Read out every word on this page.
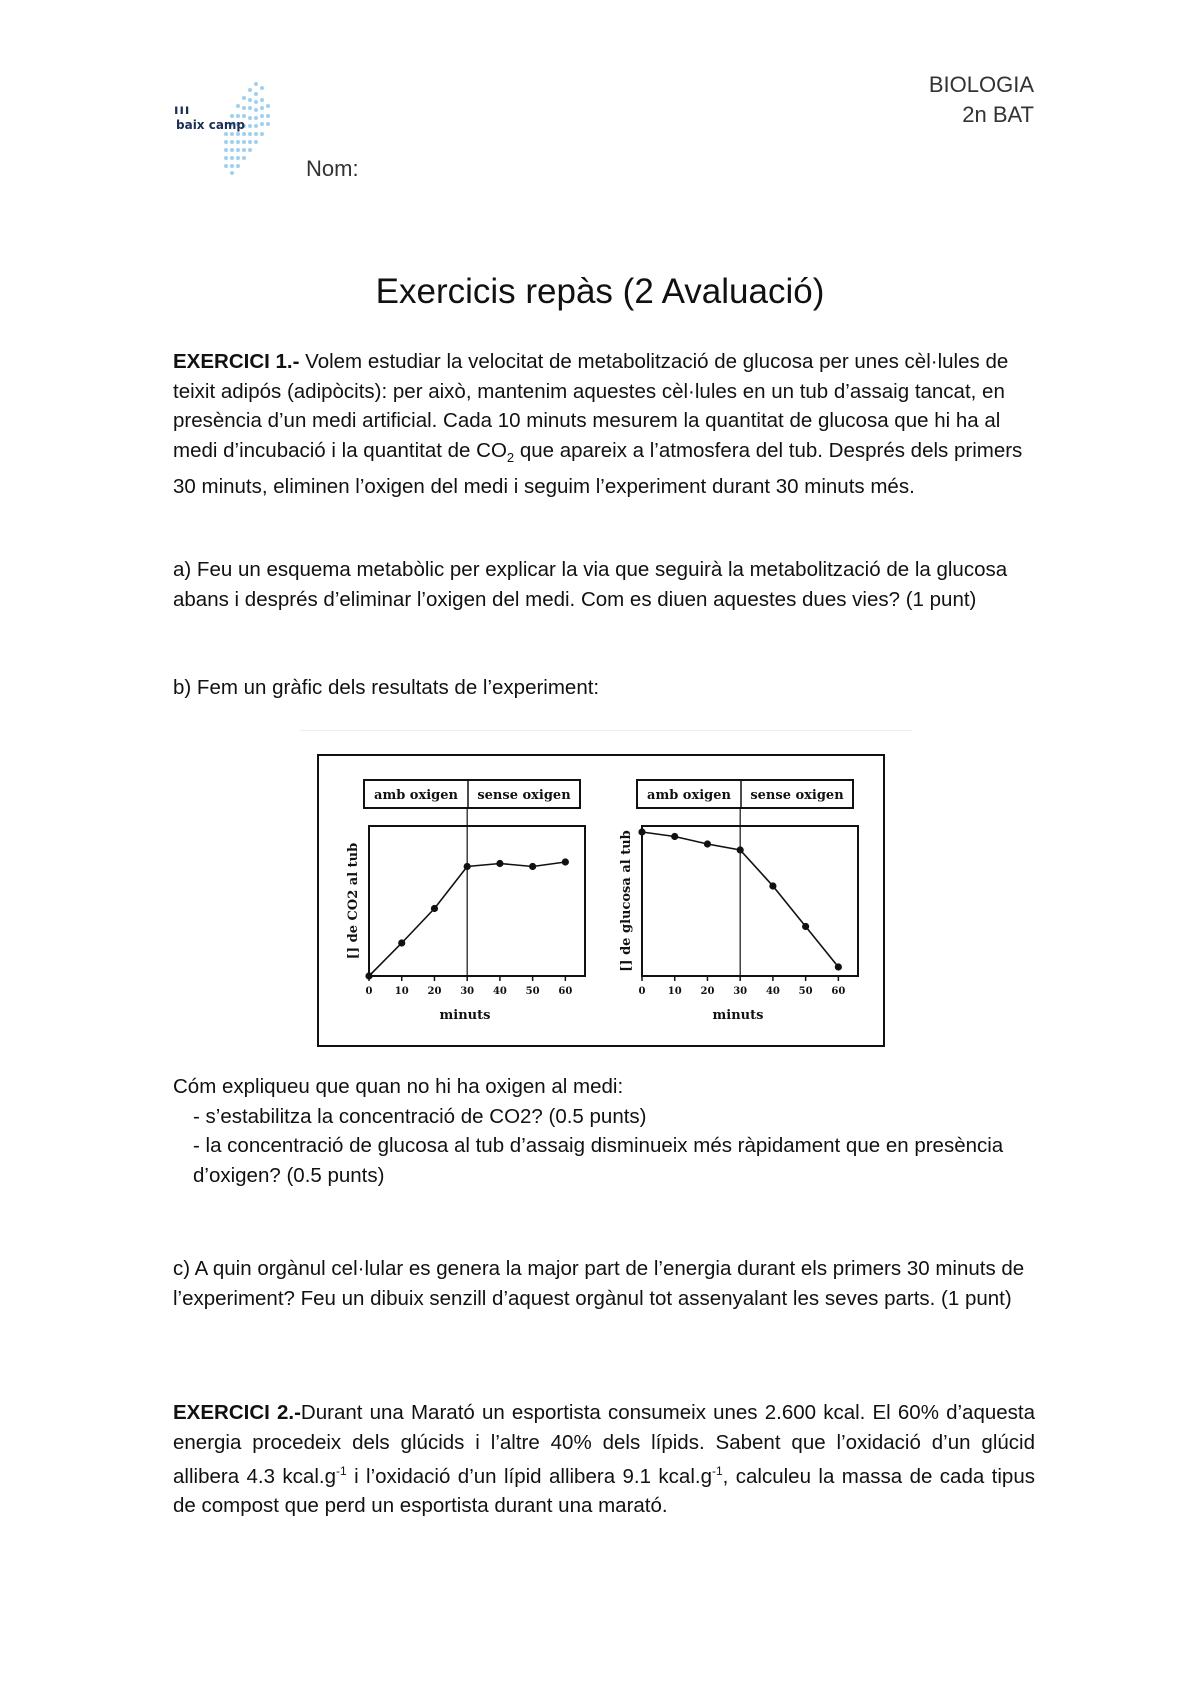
ııı
baix camp
BIOLOGIA
2n BAT
Nom:
Exercicis repàs (2 Avaluació)
EXERCICI 1.- Volem estudiar la velocitat de metabolització de glucosa per unes cèl·lules de teixit adipós (adipòcits): per això, mantenim aquestes cèl·lules en un tub d’assaig tancat, en presència d’un medi artificial. Cada 10 minuts mesurem la quantitat de glucosa que hi ha al medi d’incubació i la quantitat de $CO_2$ que apareix a l’atmosfera del tub. Després dels primers 30 minuts, eliminen l’oxigen del medi i seguim l’experiment durant 30 minuts més.
a) Feu un esquema metabòlic per explicar la via que seguirà la metabolització de la glucosa abans i després d’eliminar l’oxigen del medi. Com es diuen aquestes dues vies? (1 punt)
b) Fem un gràfic dels resultats de l’experiment:
amb oxigen sense oxigen
0 10 20 30 40 50 60
minuts
[] de CO2 al tub
amb oxigen sense oxigen
0 10 20 30 40 50 60
minuts
[] de glucosa al tub
Cóm expliqueu que quan no hi ha oxigen al medi:
- s’estabilitza la concentració de CO2? (0.5 punts)
- la concentració de glucosa al tub d’assaig disminueix més ràpidament que en presència d’oxigen? (0.5 punts)
c) A quin orgànul cel·lular es genera la major part de l’energia durant els primers 30 minuts de l’experiment? Feu un dibuix senzill d’aquest orgànul tot assenyalant les seves parts. (1 punt)
EXERCICI 2.-Durant una Marató un esportista consumeix unes 2.600 kcal. El 60% d’aquesta energia procedeix dels glúcids i l’altre 40% dels lípids. Sabent que l’oxidació d’un glúcid allibera 4.3 $kcal.g^{-1}$ i l’oxidació d’un lípid allibera 9.1 $kcal.g^{-1}$, calculeu la massa de cada tipus de compost que perd un esportista durant una marató.
